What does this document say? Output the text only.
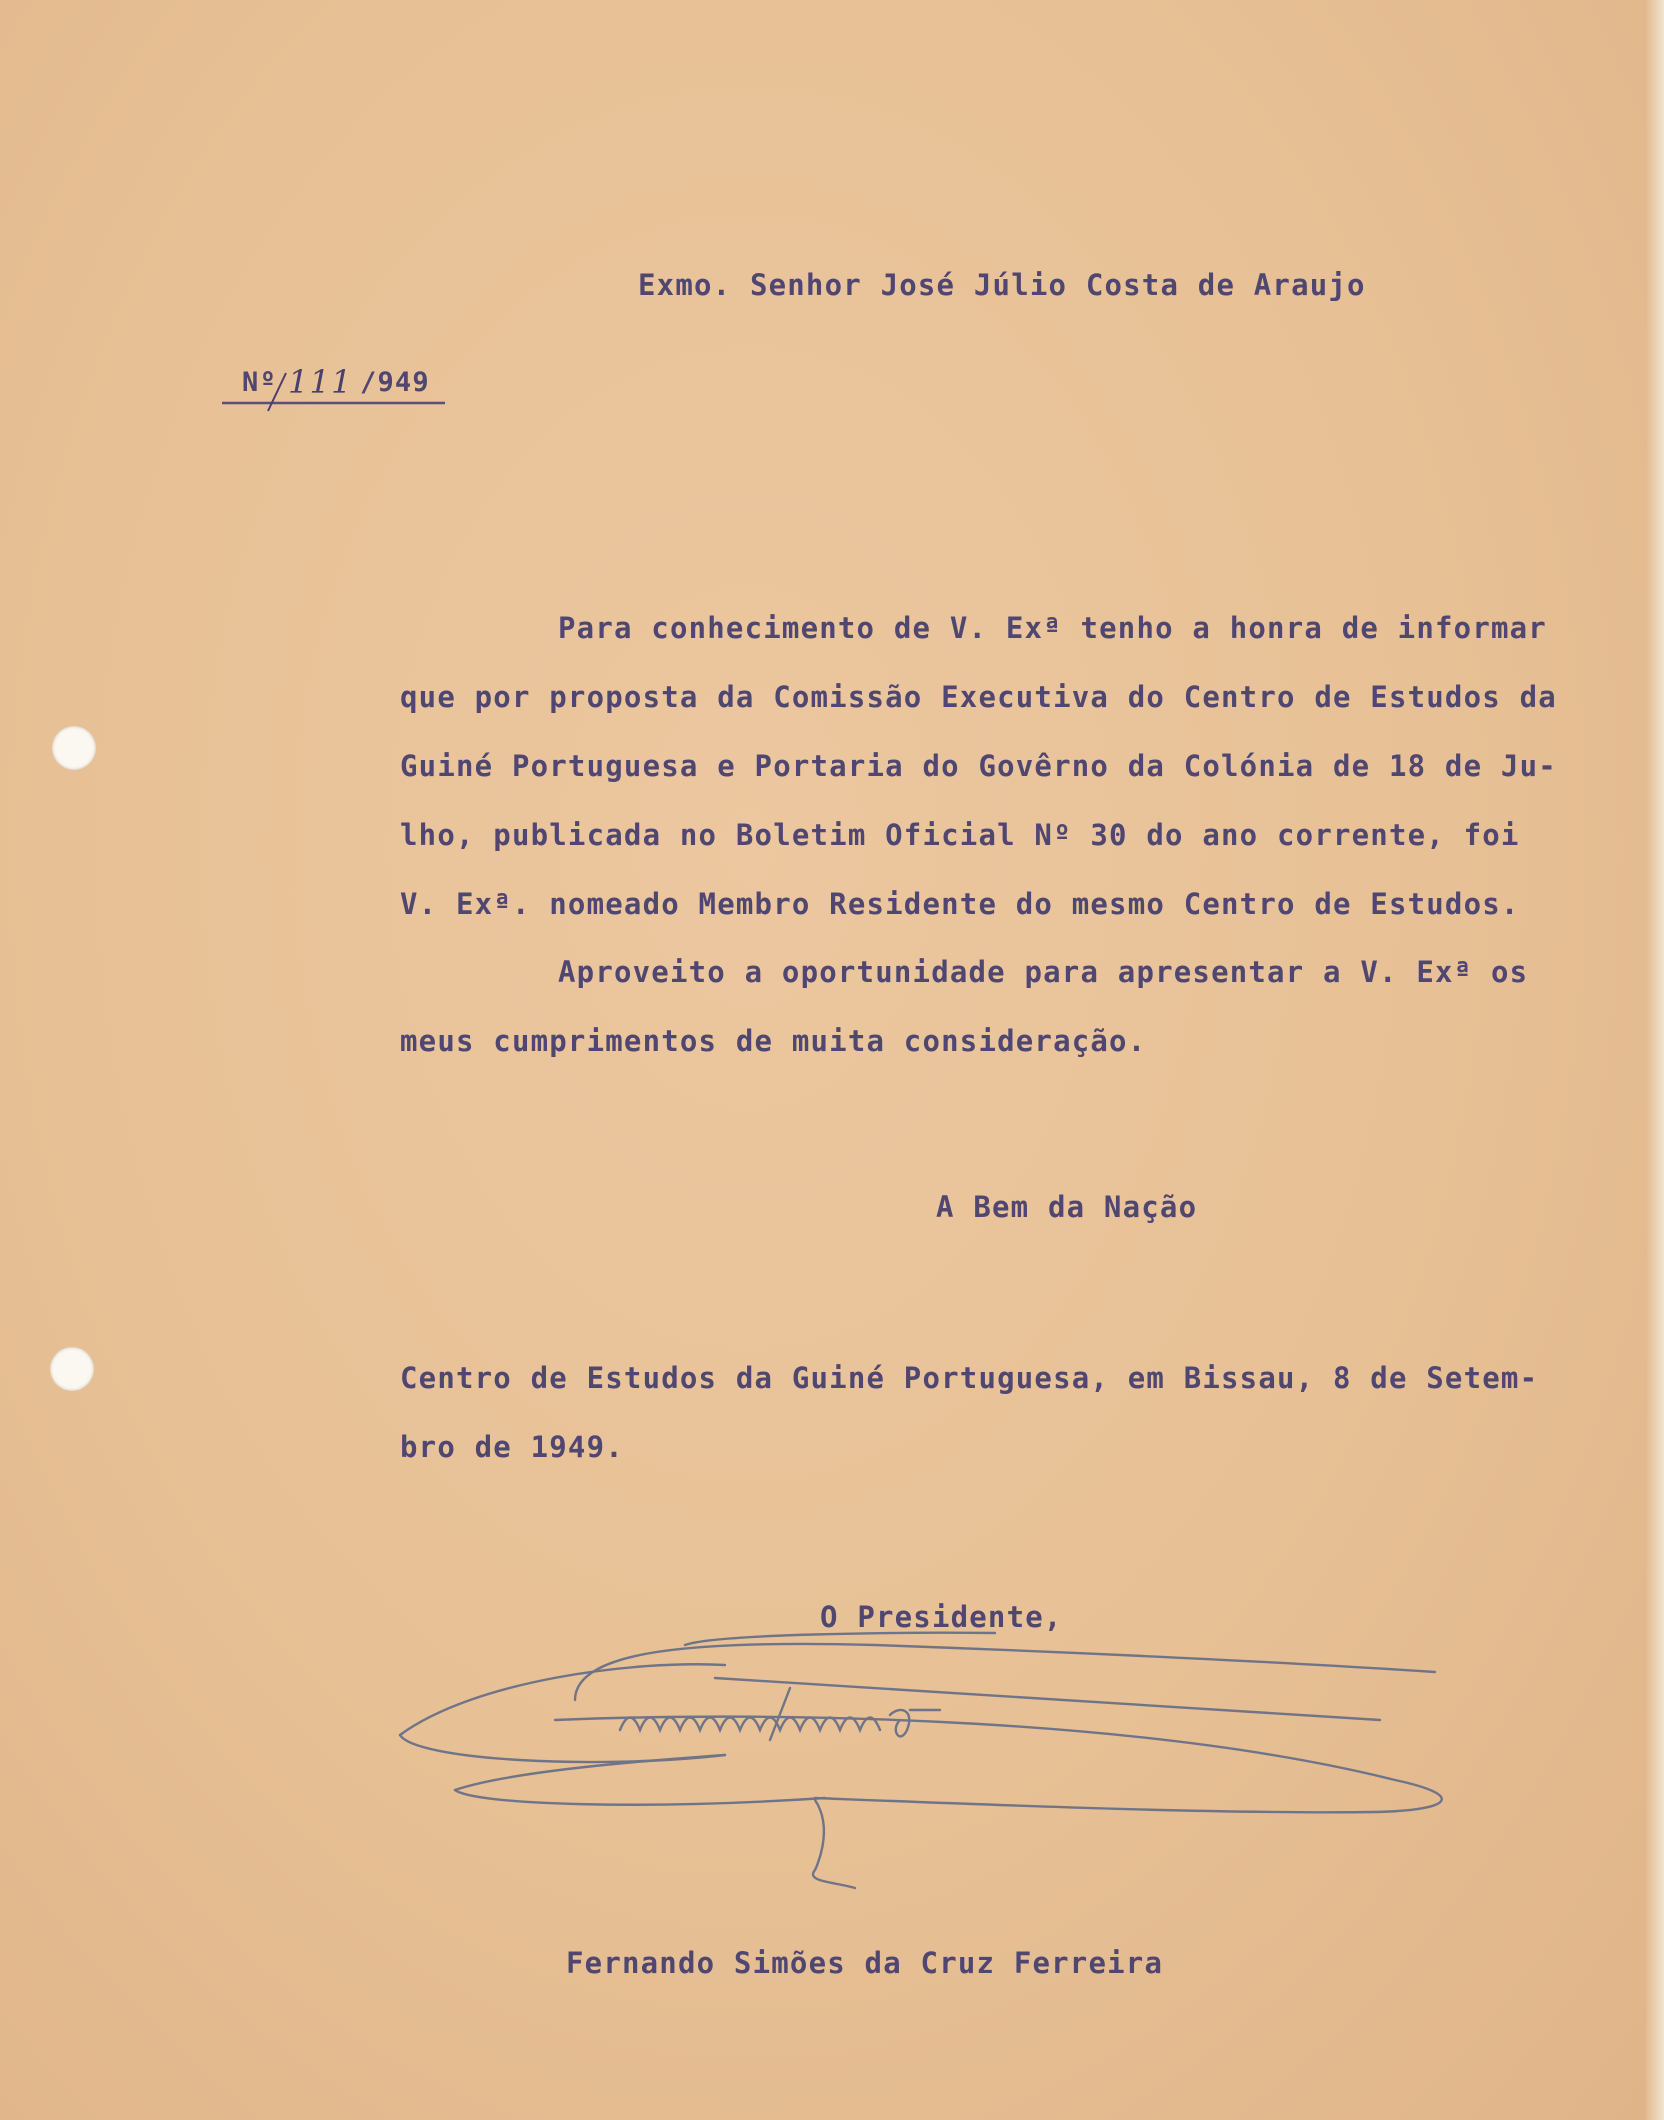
Exmo. Senhor José Júlio Costa de Araujo

Nº 111 /949
Para conhecimento de V. Exª tenho a honra de informar
que por proposta da Comissão Executiva do Centro de Estudos da
Guiné Portuguesa e Portaria do Govêrno da Colónia de 18 de Ju-
lho, publicada no Boletim Oficial Nº 30 do ano corrente, foi
V. Exª. nomeado Membro Residente do mesmo Centro de Estudos.
Aproveito a oportunidade para apresentar a V. Exª os
meus cumprimentos de muita consideração.

A Bem da Nação

Centro de Estudos da Guiné Portuguesa, em Bissau, 8 de Setem-
bro de 1949.

O Presidente,

Fernando Simões da Cruz Ferreira
